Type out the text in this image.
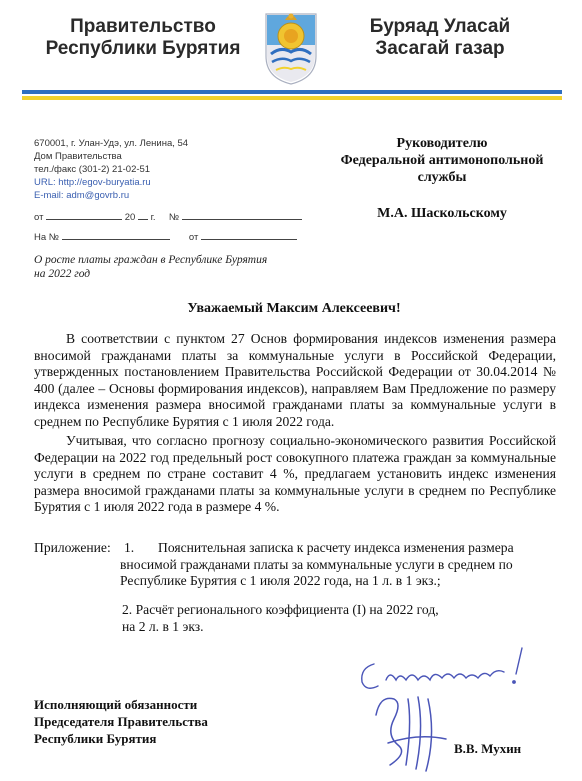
Правительство
Республики Бурятия
Буряад Уласай
Засагай газар
670001, г. Улан-Удэ, ул. Ленина, 54
Дом Правительства
тел./факс (301-2) 21-02-51
URL: http://egov-buryatia.ru
E-mail: adm@govrb.ru
Руководителю
Федеральной антимонопольной
службы
М.А. Шаскольскому
от	20 г. №
На №	от
О росте платы граждан в Республике Бурятия
на 2022 год
Уважаемый Максим Алексеевич!

В соответствии с пунктом 27 Основ формирования индексов изменения размера вносимой гражданами платы за коммунальные услуги в Российской Федерации, утвержденных постановлением Правительства Российской Федерации от 30.04.2014 № 400 (далее – Основы формирования индексов), направляем Вам Предложение по размеру индекса изменения размера вносимой гражданами платы за коммунальные услуги в среднем по Республике Бурятия с 1 июля 2022 года.

Учитывая, что согласно прогнозу социально-экономического развития Российской Федерации на 2022 год предельный рост совокупного платежа граждан за коммунальные услуги в среднем по стране составит 4 %, предлагаем установить индекс изменения размера вносимой гражданами платы за коммунальные услуги в среднем по Республике Бурятия с 1 июля 2022 года в размере 4 %.

Приложение: 1.	Пояснительная записка к расчету индекса изменения размера
вносимой гражданами платы за коммунальные услуги в среднем по
Республике Бурятия с 1 июля 2022 года, на 1 л. в 1 экз.;
2. Расчёт регионального коэффициента (I) на 2022 год,
на 2 л. в 1 экз.
Исполняющий обязанности
Председателя Правительства
Республики Бурятия
В.В. Мухин
